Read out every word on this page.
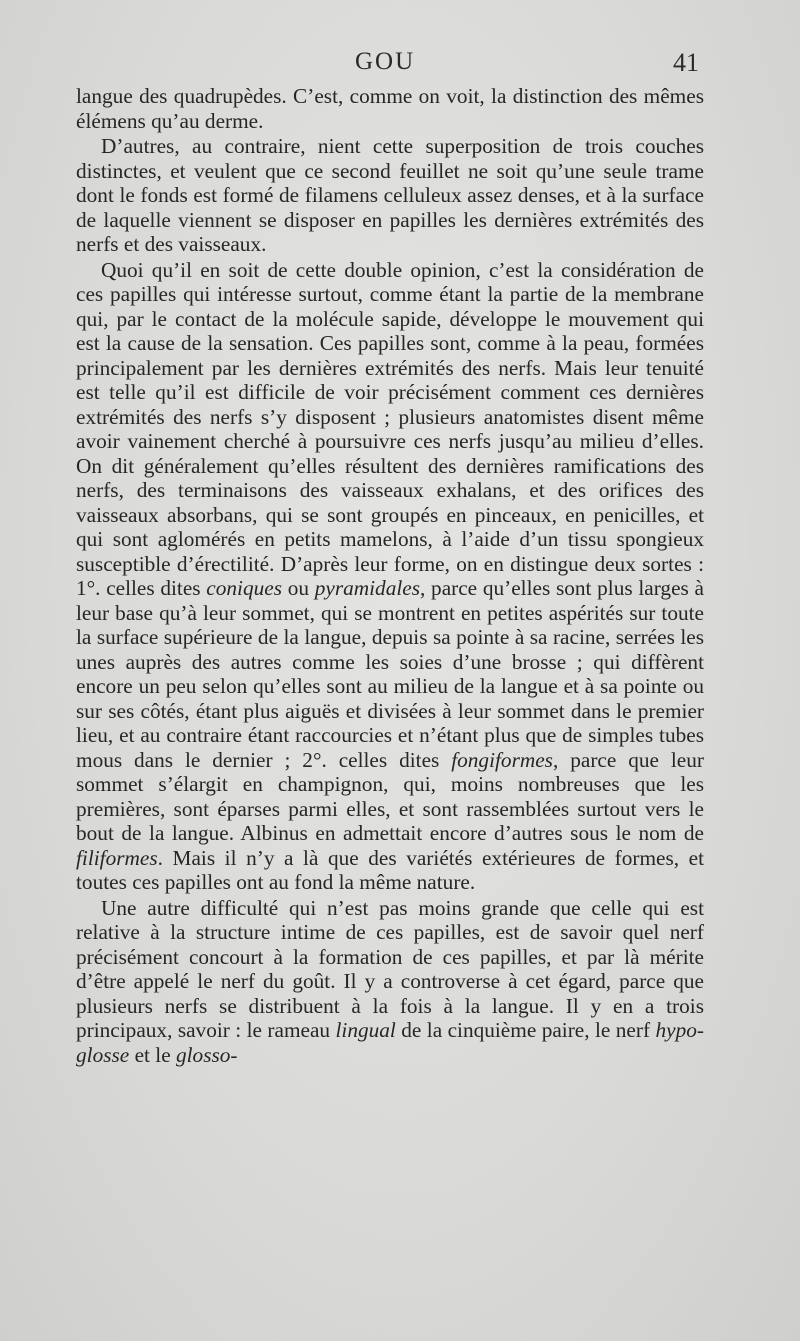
GOU	41

langue des quadrupèdes. C’est, comme on voit, la distinction des mêmes élémens qu’au derme.

D’autres, au contraire, nient cette superposition de trois couches distinctes, et veulent que ce second feuillet ne soit qu’une seule trame dont le fonds est formé de filamens celluleux assez denses, et à la surface de laquelle viennent se disposer en papilles les dernières extrémités des nerfs et des vaisseaux.

Quoi qu’il en soit de cette double opinion, c’est la considération de ces papilles qui intéresse surtout, comme étant la partie de la membrane qui, par le contact de la molécule sapide, développe le mouvement qui est la cause de la sensation. Ces papilles sont, comme à la peau, formées principalement par les dernières extrémités des nerfs. Mais leur tenuité est telle qu’il est difficile de voir précisément comment ces dernières extrémités des nerfs s’y disposent ; plusieurs anatomistes disent même avoir vainement cherché à poursuivre ces nerfs jusqu’au milieu d’elles. On dit généralement qu’elles résultent des dernières ramifications des nerfs, des terminaisons des vaisseaux exhalans, et des orifices des vaisseaux absorbans, qui se sont groupés en pinceaux, en penicilles, et qui sont aglomérés en petits mamelons, à l’aide d’un tissu spongieux susceptible d’érectilité. D’après leur forme, on en distingue deux sortes : 1°. celles dites coniques ou pyramidales, parce qu’elles sont plus larges à leur base qu’à leur sommet, qui se montrent en petites aspérités sur toute la surface supérieure de la langue, depuis sa pointe à sa racine, serrées les unes auprès des autres comme les soies d’une brosse ; qui diffèrent encore un peu selon qu’elles sont au milieu de la langue et à sa pointe ou sur ses côtés, étant plus aiguës et divisées à leur sommet dans le premier lieu, et au contraire étant raccourcies et n’étant plus que de simples tubes mous dans le dernier ; 2°. celles dites fongiformes, parce que leur sommet s’élargit en champignon, qui, moins nombreuses que les premières, sont éparses parmi elles, et sont rassemblées surtout vers le bout de la langue. Albinus en admettait encore d’autres sous le nom de filiformes. Mais il n’y a là que des variétés extérieures de formes, et toutes ces papilles ont au fond la même nature.

Une autre difficulté qui n’est pas moins grande que celle qui est relative à la structure intime de ces papilles, est de savoir quel nerf précisément concourt à la formation de ces papilles, et par là mérite d’être appelé le nerf du goût. Il y a controverse à cet égard, parce que plusieurs nerfs se distribuent à la fois à la langue. Il y en a trois principaux, savoir : le rameau lingual de la cinquième paire, le nerf hypo-glosse et le glosso-
